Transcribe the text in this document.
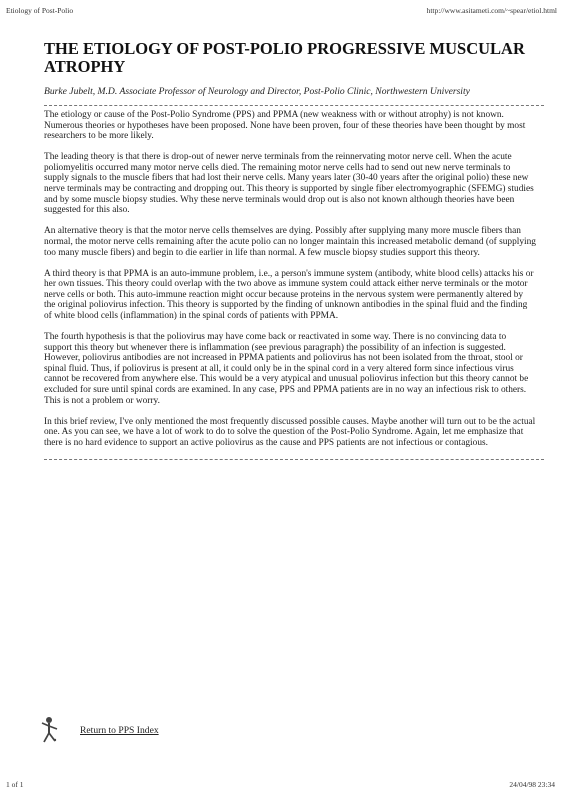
Etiology of Post-Polio	http://www.asitameti.com/~spear/etiol.html
THE ETIOLOGY OF POST-POLIO PROGRESSIVE MUSCULAR ATROPHY

Burke Jubelt, M.D. Associate Professor of Neurology and Director, Post-Polio Clinic, Northwestern University

The etiology or cause of the Post-Polio Syndrome (PPS) and PPMA (new weakness with or without atrophy) is not known. Numerous theories or hypotheses have been proposed. None have been proven, four of these theories have been thought by most researchers to be more likely.

The leading theory is that there is drop-out of newer nerve terminals from the reinnervating motor nerve cell. When the acute poliomyelitis occurred many motor nerve cells died. The remaining motor nerve cells had to send out new nerve terminals to supply signals to the muscle fibers that had lost their nerve cells. Many years later (30-40 years after the original polio) these new nerve terminals may be contracting and dropping out. This theory is supported by single fiber electromyographic (SFEMG) studies and by some muscle biopsy studies. Why these nerve terminals would drop out is also not known although theories have been suggested for this also.

An alternative theory is that the motor nerve cells themselves are dying. Possibly after supplying many more muscle fibers than normal, the motor nerve cells remaining after the acute polio can no longer maintain this increased metabolic demand (of supplying too many muscle fibers) and begin to die earlier in life than normal. A few muscle biopsy studies support this theory.

A third theory is that PPMA is an auto-immune problem, i.e., a person's immune system (antibody, white blood cells) attacks his or her own tissues. This theory could overlap with the two above as immune system could attack either nerve terminals or the motor nerve cells or both. This auto-immune reaction might occur because proteins in the nervous system were permanently altered by the original poliovirus infection. This theory is supported by the finding of unknown antibodies in the spinal fluid and the finding of white blood cells (inflammation) in the spinal cords of patients with PPMA.

The fourth hypothesis is that the poliovirus may have come back or reactivated in some way. There is no convincing data to support this theory but whenever there is inflammation (see previous paragraph) the possibility of an infection is suggested. However, poliovirus antibodies are not increased in PPMA patients and poliovirus has not been isolated from the throat, stool or spinal fluid. Thus, if poliovirus is present at all, it could only be in the spinal cord in a very altered form since infectious virus cannot be recovered from anywhere else. This would be a very atypical and unusual poliovirus infection but this theory cannot be excluded for sure until spinal cords are examined. In any case, PPS and PPMA patients are in no way an infectious risk to others. This is not a problem or worry.

In this brief review, I've only mentioned the most frequently discussed possible causes. Maybe another will turn out to be the actual one. As you can see, we have a lot of work to do to solve the question of the Post-Polio Syndrome. Again, let me emphasize that there is no hard evidence to support an active poliovirus as the cause and PPS patients are not infectious or contagious.

Return to PPS Index
1 of 1	24/04/98 23:34
